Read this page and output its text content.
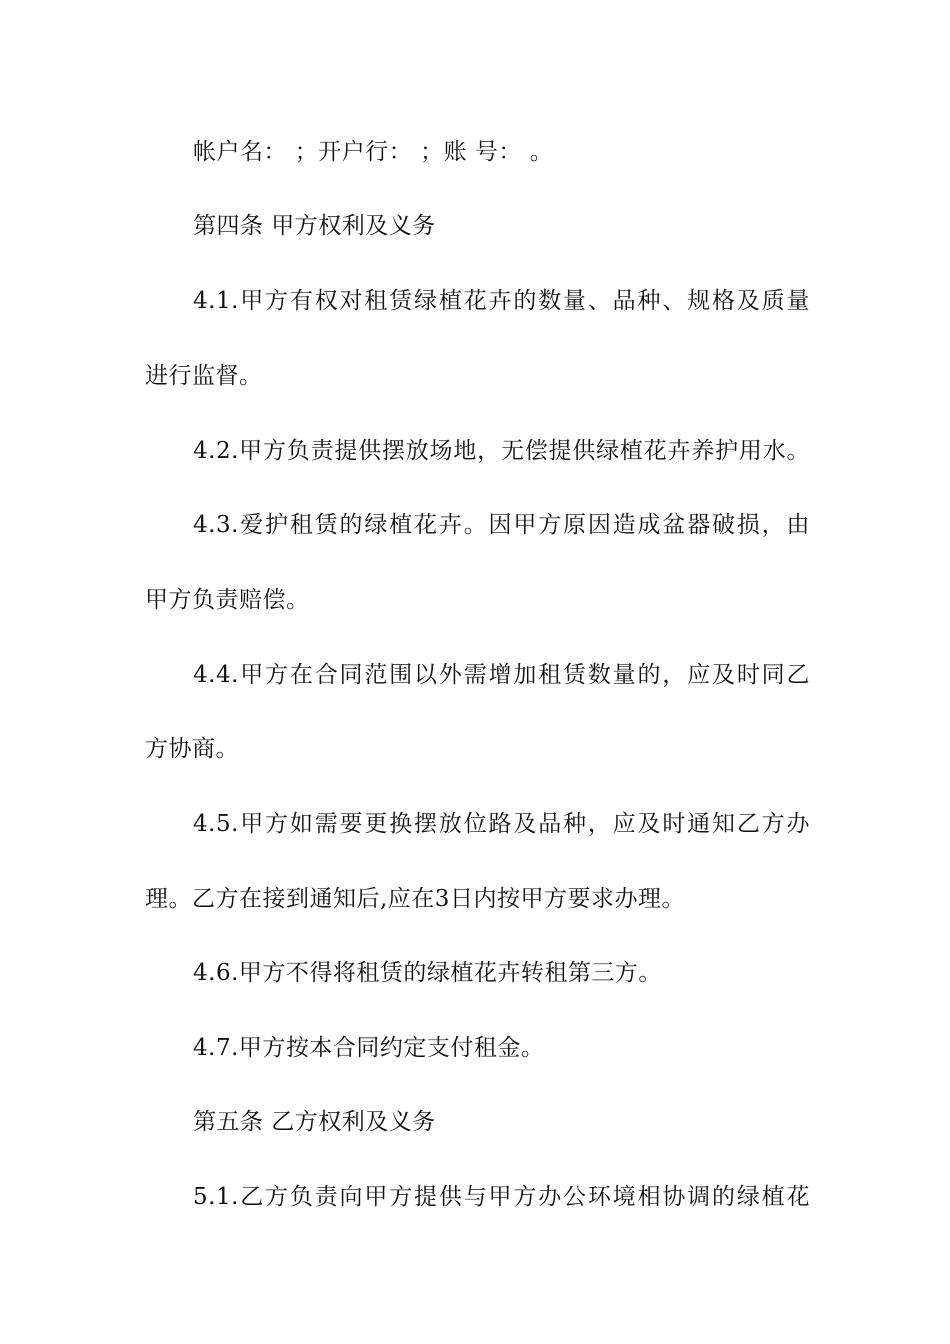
帐户名： ；开户行： ；账 号： 。
第四条 甲方权利及义务
4.1.甲方有权对租赁绿植花卉的数量、品种、规格及质量
进行监督。
4.2.甲方负责提供摆放场地，无偿提供绿植花卉养护用水。
4.3.爱护租赁的绿植花卉。因甲方原因造成盆器破损，由
甲方负责赔偿。
4.4.甲方在合同范围以外需增加租赁数量的，应及时同乙
方协商。
4.5.甲方如需要更换摆放位路及品种，应及时通知乙方办
理。乙方在接到通知后,应在3日内按甲方要求办理。
4.6.甲方不得将租赁的绿植花卉转租第三方。
4.7.甲方按本合同约定支付租金。
第五条 乙方权利及义务
5.1.乙方负责向甲方提供与甲方办公环境相协调的绿植花
